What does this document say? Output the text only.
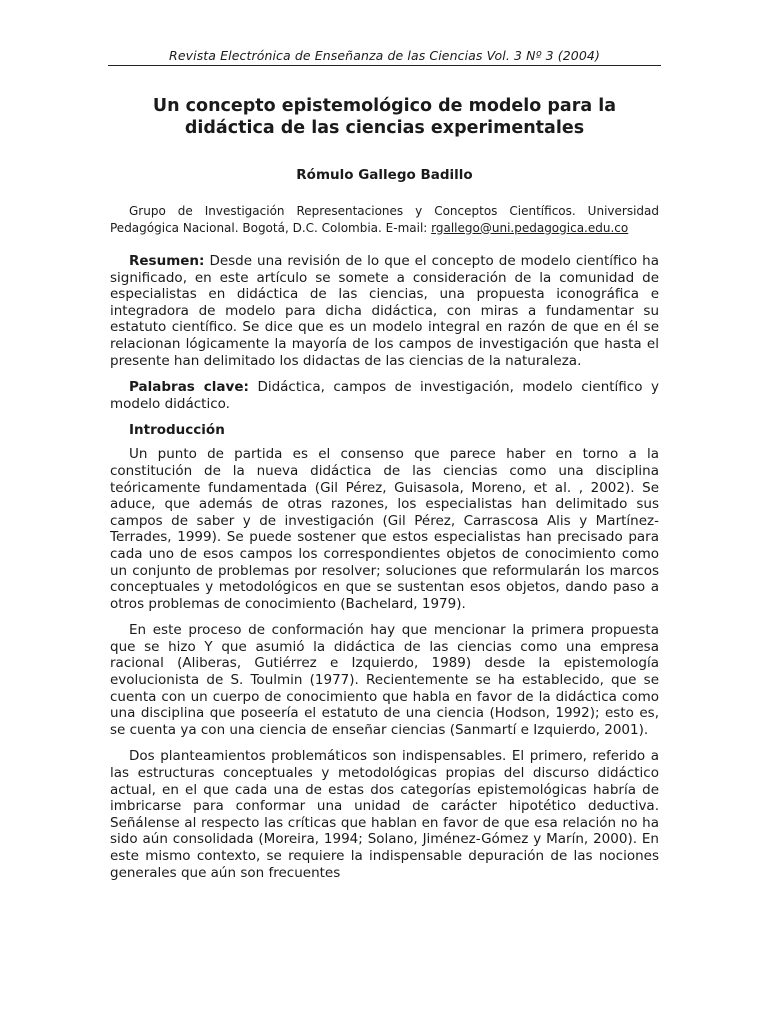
Revista Electrónica de Enseñanza de las Ciencias Vol. 3 Nº 3 (2004)
Un concepto epistemológico de modelo para la
didáctica de las ciencias experimentales
Rómulo Gallego Badillo
Grupo de Investigación Representaciones y Conceptos Científicos. Universidad Pedagógica Nacional. Bogotá, D.C. Colombia. E-mail: rgallego@uni.pedagogica.edu.co

Resumen: Desde una revisión de lo que el concepto de modelo científico ha significado, en este artículo se somete a consideración de la comunidad de especialistas en didáctica de las ciencias, una propuesta iconográfica e integradora de modelo para dicha didáctica, con miras a fundamentar su estatuto científico. Se dice que es un modelo integral en razón de que en él se relacionan lógicamente la mayoría de los campos de investigación que hasta el presente han delimitado los didactas de las ciencias de la naturaleza.

Palabras clave: Didáctica, campos de investigación, modelo científico y modelo didáctico.

Introducción

Un punto de partida es el consenso que parece haber en torno a la constitución de la nueva didáctica de las ciencias como una disciplina teóricamente fundamentada (Gil Pérez, Guisasola, Moreno, et al. , 2002). Se aduce, que además de otras razones, los especialistas han delimitado sus campos de saber y de investigación (Gil Pérez, Carrascosa Alis y Martínez-Terrades, 1999). Se puede sostener que estos especialistas han precisado para cada uno de esos campos los correspondientes objetos de conocimiento como un conjunto de problemas por resolver; soluciones que reformularán los marcos conceptuales y metodológicos en que se sustentan esos objetos, dando paso a otros problemas de conocimiento (Bachelard, 1979).

En este proceso de conformación hay que mencionar la primera propuesta que se hizo Y que asumió la didáctica de las ciencias como una empresa racional (Aliberas, Gutiérrez e Izquierdo, 1989) desde la epistemología evolucionista de S. Toulmin (1977). Recientemente se ha establecido, que se cuenta con un cuerpo de conocimiento que habla en favor de la didáctica como una disciplina que poseería el estatuto de una ciencia (Hodson, 1992); esto es, se cuenta ya con una ciencia de enseñar ciencias (Sanmartí e Izquierdo, 2001).

Dos planteamientos problemáticos son indispensables. El primero, referido a las estructuras conceptuales y metodológicas propias del discurso didáctico actual, en el que cada una de estas dos categorías epistemológicas habría de imbricarse para conformar una unidad de carácter hipotético deductiva. Señálense al respecto las críticas que hablan en favor de que esa relación no ha sido aún consolidada (Moreira, 1994; Solano, Jiménez-Gómez y Marín, 2000). En este mismo contexto, se requiere la indispensable depuración de las nociones generales que aún son frecuentes
